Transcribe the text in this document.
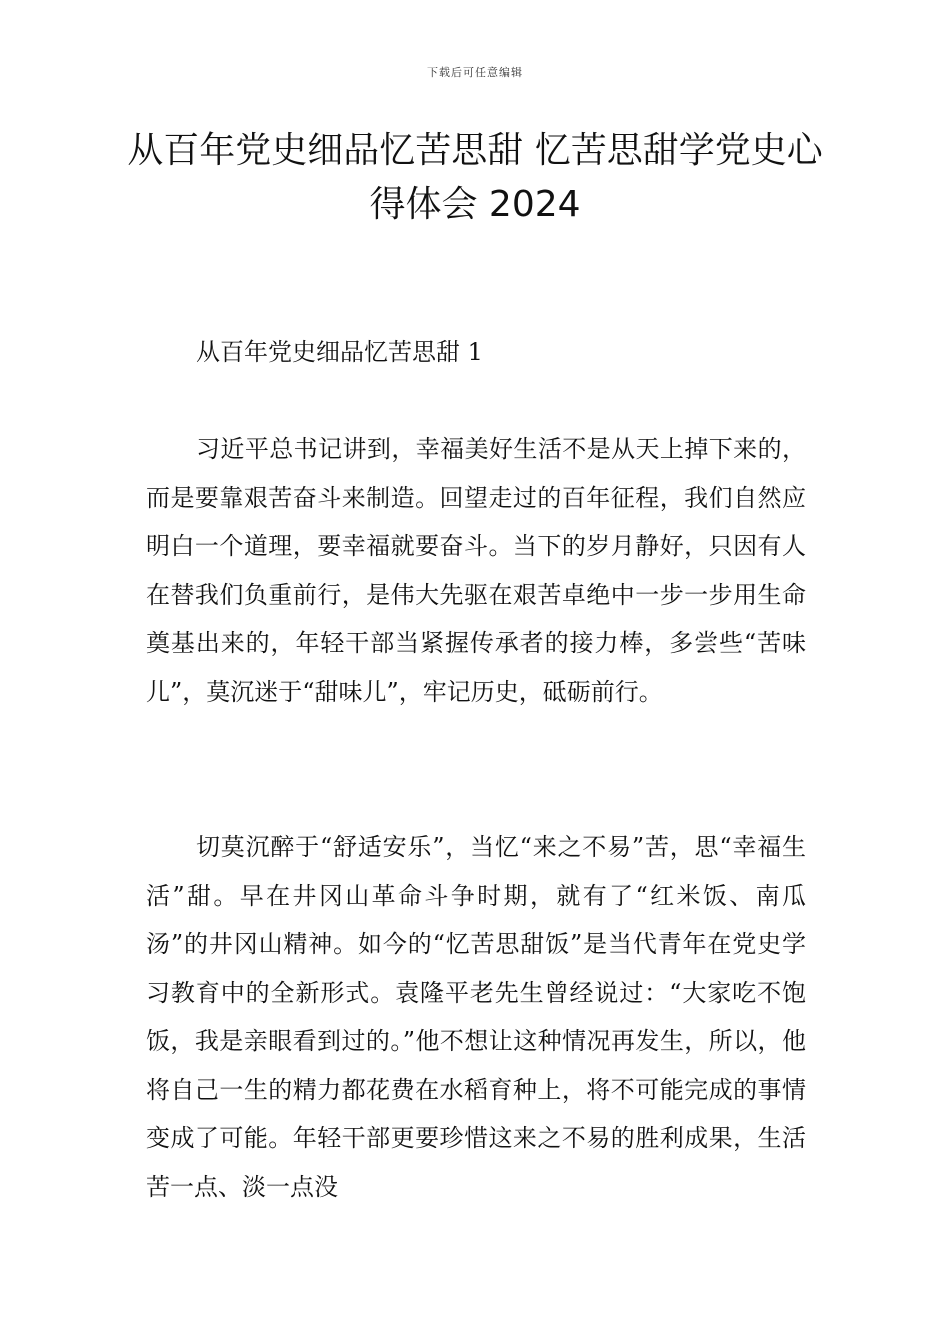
下载后可任意编辑
从百年党史细品忆苦思甜 忆苦思甜学党史心得体会 2024

从百年党史细品忆苦思甜 1

习近平总书记讲到，幸福美好生活不是从天上掉下来的，而是要靠艰苦奋斗来制造。回望走过的百年征程，我们自然应明白一个道理，要幸福就要奋斗。当下的岁月静好，只因有人在替我们负重前行，是伟大先驱在艰苦卓绝中一步一步用生命奠基出来的，年轻干部当紧握传承者的接力棒，多尝些“苦味儿”，莫沉迷于“甜味儿”，牢记历史，砥砺前行。

切莫沉醉于“舒适安乐”，当忆“来之不易”苦，思“幸福生活”甜。早在井冈山革命斗争时期，就有了“红米饭、南瓜汤”的井冈山精神。如今的“忆苦思甜饭”是当代青年在党史学习教育中的全新形式。袁隆平老先生曾经说过：“大家吃不饱饭，我是亲眼看到过的。”他不想让这种情况再发生，所以，他将自己一生的精力都花费在水稻育种上，将不可能完成的事情变成了可能。年轻干部更要珍惜这来之不易的胜利成果，生活苦一点、淡一点没
